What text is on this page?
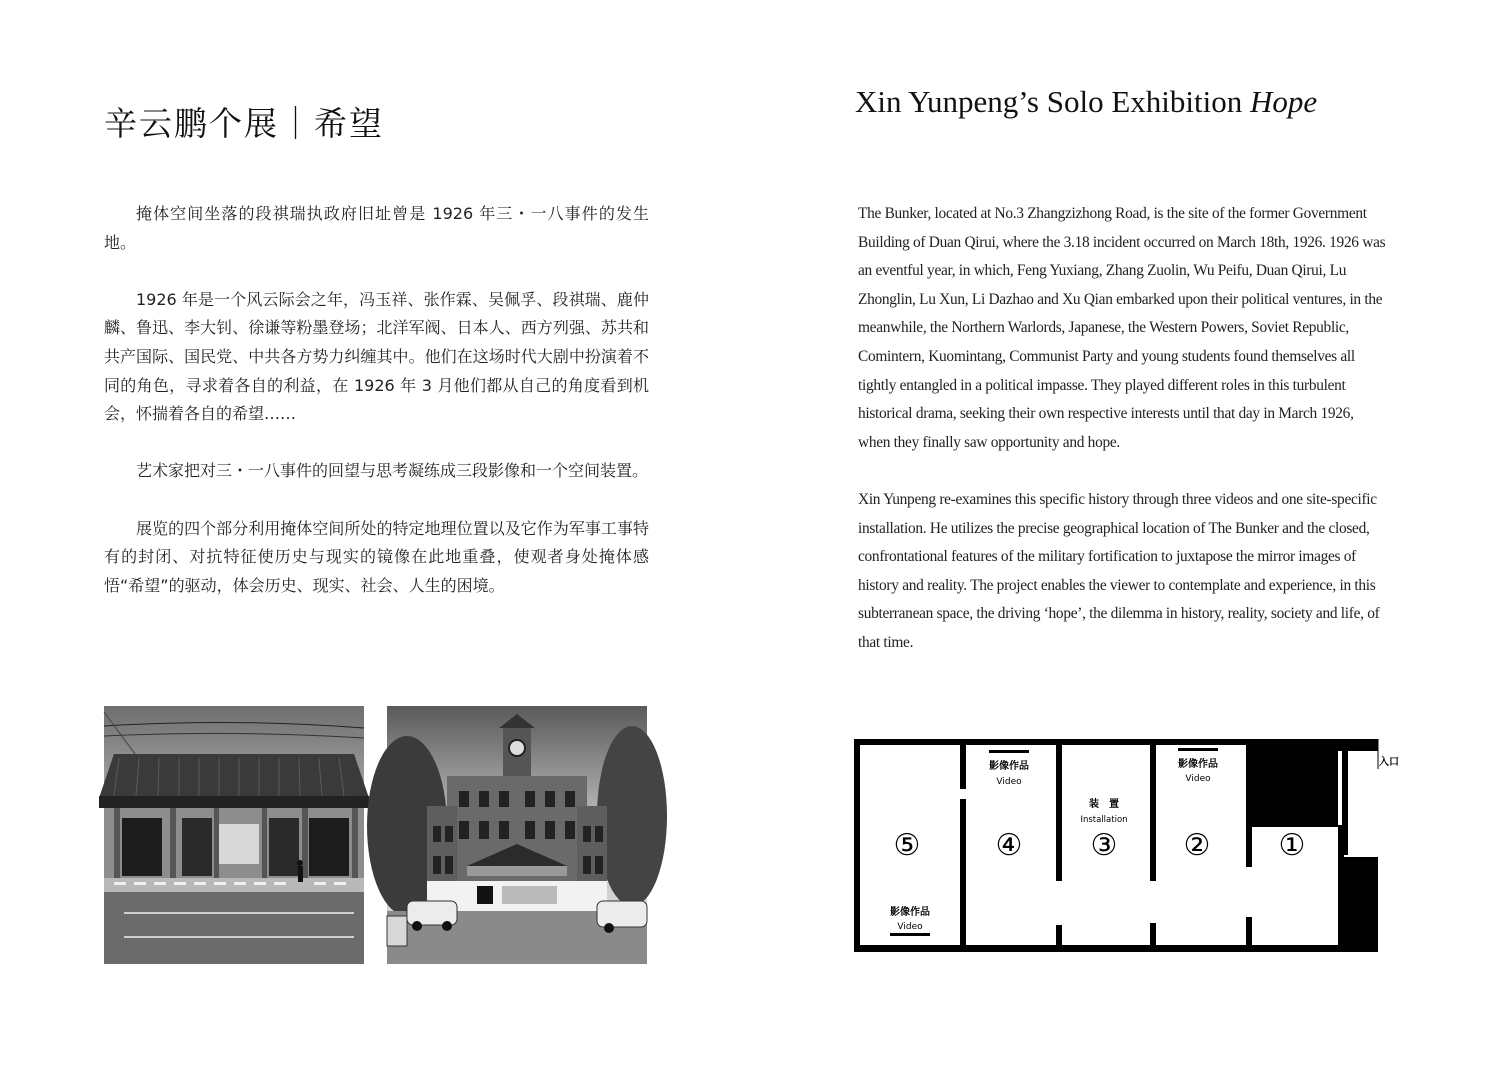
辛云鹏个展｜希望

掩体空间坐落的段祺瑞执政府旧址曾是 1926 年三・一八事件的发生地。

1926 年是一个风云际会之年，冯玉祥、张作霖、吴佩孚、段祺瑞、鹿仲麟、鲁迅、李大钊、徐谦等粉墨登场；北洋军阀、日本人、西方列强、苏共和共产国际、国民党、中共各方势力纠缠其中。他们在这场时代大剧中扮演着不同的角色，寻求着各自的利益，在 1926 年 3 月他们都从自己的角度看到机会，怀揣着各自的希望……

艺术家把对三・一八事件的回望与思考凝练成三段影像和一个空间装置。

展览的四个部分利用掩体空间所处的特定地理位置以及它作为军事工事特有的封闭、对抗特征使历史与现实的镜像在此地重叠，使观者身处掩体感悟“希望”的驱动，体会历史、现实、社会、人生的困境。

Xin Yunpeng’s Solo Exhibition Hope

The Bunker, located at No.3 Zhangzizhong Road, is the site of the former Government Building of Duan Qirui, where the 3.18 incident occurred on March 18th, 1926. 1926 was an eventful year, in which, Feng Yuxiang, Zhang Zuolin, Wu Peifu, Duan Qirui, Lu Zhonglin, Lu Xun, Li Dazhao and Xu Qian embarked upon their political ventures, in the meanwhile, the Northern Warlords, Japanese, the Western Powers, Soviet Republic, Comintern, Kuomintang, Communist Party and young students found themselves all tightly entangled in a political impasse. They played different roles in this turbulent historical drama, seeking their own respective interests until that day in March 1926, when they finally saw opportunity and hope.

Xin Yunpeng re-examines this specific history through three videos and one site-specific installation. He utilizes the precise geographical location of The Bunker and the closed, confrontational features of the military fortification to juxtapose the mirror images of history and reality. The project enables the viewer to contemplate and experience, in this subterranean space, the driving ‘hope’, the dilemma in history, reality, society and life, of that time.

⑤	④ ③ ② ①
影像作品
Video
装　置
Installation
影像作品
Video
影像作品
Video
入口
